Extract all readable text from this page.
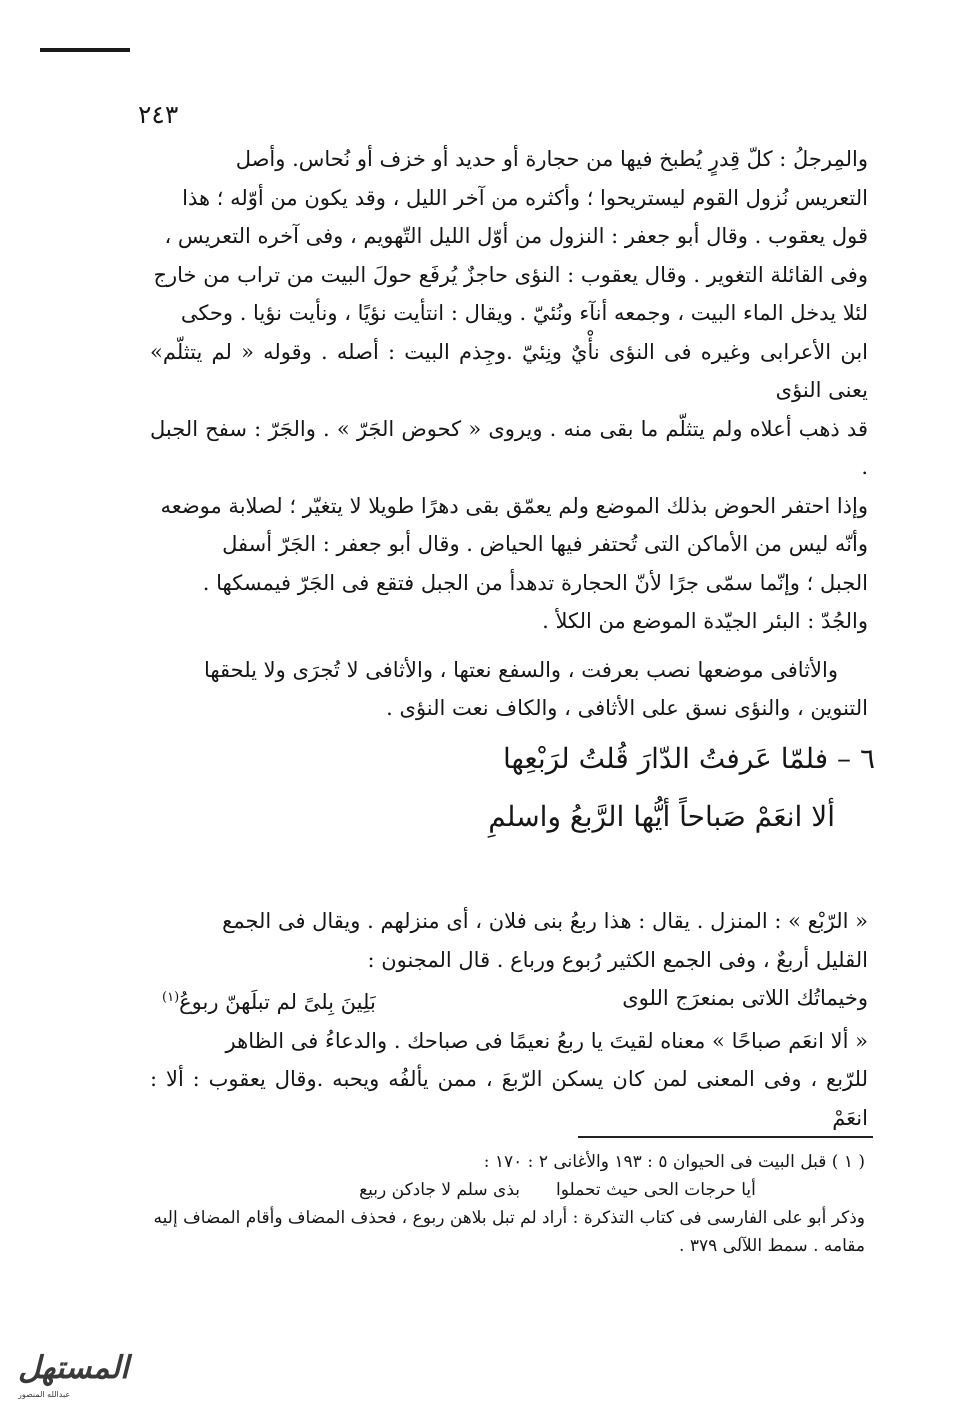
٢٤٣

والمِرجلُ : كلّ قِدرٍ يُطبخ فيها من حجارة أو حديد أو خزف أو نُحاس. وأصل

التعريس نُزول القوم ليستريحوا ؛ وأكثره من آخر الليل ، وقد يكون من أوّله ؛ هذا

قول يعقوب . وقال أبو جعفر : النزول من أوّل الليل التّهويم ، وفى آخره التعريس ،

وفى القائلة التغوير . وقال يعقوب : النؤى حاجزٌ يُرفَع حولَ البيت من تراب من خارج

لئلا يدخل الماء البيت ، وجمعه أنآء ونُئيّ . ويقال : انتأيت نؤيًا ، ونأيت نؤيا . وحكى

ابن الأعرابى وغيره فى النؤى نأْيٌ ونِئيّ .وجِذم البيت : أصله . وقوله « لم يتثلّم» يعنى النؤى

قد ذهب أعلاه ولم يتثلّم ما بقى منه . ويروى « كحوض الجَرّ » . والجَرّ : سفح الجبل .

وإذا احتفر الحوض بذلك الموضع ولم يعمّق بقى دهرًا طويلا لا يتغيّر ؛ لصلابة موضعه

وأنّه ليس من الأماكن التى تُحتفر فيها الحياض . وقال أبو جعفر : الجَرّ أسفل

الجبل ؛ وإنّما سمّى جرًا لأنّ الحجارة تدهدأ من الجبل فتقع فى الجَرّ فيمسكها .

والجُدّ : البئر الجيّدة الموضع من الكلأ .

والأثافى موضعها نصب بعرفت ، والسفع نعتها ، والأثافى لا تُجرَى ولا يلحقها

التنوين ، والنؤى نسق على الأثافى ، والكاف نعت النؤى .

٦ – فلمّا عَرفتُ الدّارَ قُلتُ لرَبْعِها
ألا انعَمْ صَباحاً أيُّها الرَّبعُ واسلمِ

« الرّبْع » : المنزل . يقال : هذا ربعُ بنى فلان ، أى منزلهم . ويقال فى الجمع

القليل أربعٌ ، وفى الجمع الكثير رُبوع ورباع . قال المجنون :

وخيماتُك اللاتى بمنعرَج اللوى
بَلِينَ بِلىً لم تبلَهنّ ربوعُ$^{(١)}$

« ألا انعَم صباحًا » معناه لقيتَ يا ربعُ نعيمًا فى صباحك . والدعاءُ فى الظاهر

للرّبع ، وفى المعنى لمن كان يسكن الرّبعَ ، ممن يألفُه ويحبه .وقال يعقوب : ألا : انعَمْ

( ١ ) قبل البيت فى الحيوان ٥ : ١٩٣ والأغانى ٢ : ١٧٠ :

أيا حرجات الحى حيث تحملوا
بذى سلم لا جادكن ربيع

وذكر أبو على الفارسى فى كتاب التذكرة : أراد لم تبل بلاهن ربوع ، فحذف المضاف وأقام المضاف إليه

مقامه . سمط اللآلى ٣٧٩ .

المستهل
عبدالله المنصور
